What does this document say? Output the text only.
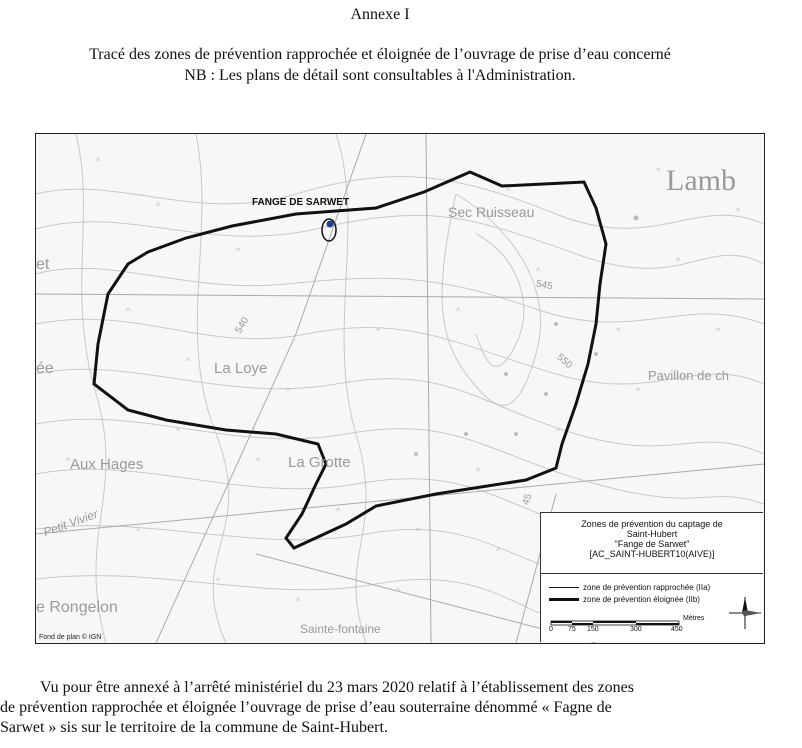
Annexe I
Tracé des zones de prévention rapprochée et éloignée de l’ouvrage de prise d’eau concerné
NB : Les plans de détail sont consultables à l'Administration.
^
^
^
^
^
^
^
^
^
^
^
^
^
^
^
^
^
^
^
^
^
^
^
^
^
^
^
^
^
^
FANGE DE SARWET
Lamb
Sec Ruisseau
La Loye
Aux Hages	La Grotte
Pavillon de ch
e Rongelon
Petit Vivier
et
ée
540
550
545
45
Sainte-fontaine
Zones de prévention du captage de
Saint-Hubert
"Fange de Sarwet"
[AC_SAINT-HUBERT10(AIVE)]
zone de prévention rapprochée (IIa)
zone de prévention éloignée (IIb)
Mètres
0 75 150	300	450
Fond de plan © IGN

Vu pour être annexé à l’arrêté ministériel du 23 mars 2020 relatif à l’établissement des zones

de prévention rapprochée et éloignée l’ouvrage de prise d’eau souterraine dénommé « Fagne de

Sarwet » sis sur le territoire de la commune de Saint-Hubert.
